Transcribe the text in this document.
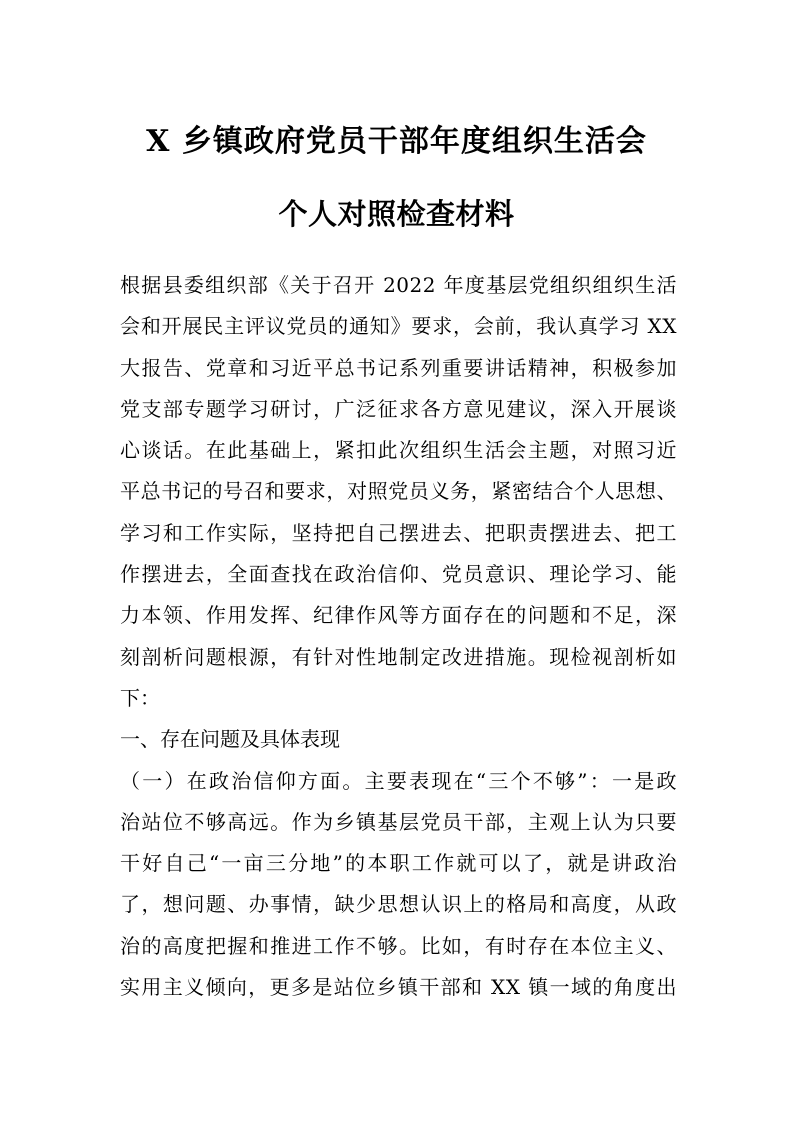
X 乡镇政府党员干部年度组织生活会
个人对照检查材料
根据县委组织部《关于召开 2022 年度基层党组织组织生活
会和开展民主评议党员的通知》要求，会前，我认真学习 XX
大报告、党章和习近平总书记系列重要讲话精神，积极参加
党支部专题学习研讨，广泛征求各方意见建议，深入开展谈
心谈话。在此基础上，紧扣此次组织生活会主题，对照习近
平总书记的号召和要求，对照党员义务，紧密结合个人思想、
学习和工作实际，坚持把自己摆进去、把职责摆进去、把工
作摆进去，全面查找在政治信仰、党员意识、理论学习、能
力本领、作用发挥、纪律作风等方面存在的问题和不足，深
刻剖析问题根源，有针对性地制定改进措施。现检视剖析如
下：
一、存在问题及具体表现
（一）在政治信仰方面。主要表现在“三个不够”：一是政
治站位不够高远。作为乡镇基层党员干部，主观上认为只要
干好自己“一亩三分地”的本职工作就可以了，就是讲政治
了，想问题、办事情，缺少思想认识上的格局和高度，从政
治的高度把握和推进工作不够。比如，有时存在本位主义、
实用主义倾向，更多是站位乡镇干部和 XX 镇一域的角度出
